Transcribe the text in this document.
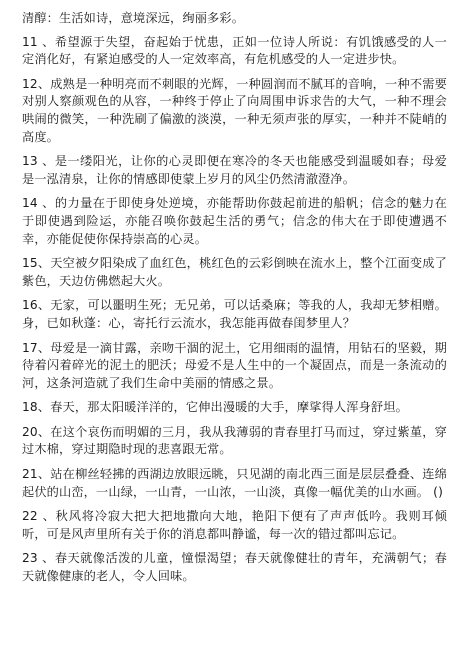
清醇：生活如诗，意境深远，绚丽多彩。

11 、希望源于失望，奋起始于忧患，正如一位诗人所说：有饥饿感受的人一定消化好，有紧迫感受的人一定效率高，有危机感受的人一定进步快。

12、成熟是一种明亮而不刺眼的光辉，一种圆润而不腻耳的音响，一种不需要对别人察颜观色的从容，一种终于停止了向周围申诉求告的大气，一种不理会哄闹的微笑，一种洗刷了偏激的淡漠，一种无须声张的厚实，一种并不陡峭的高度。

13 、是一缕阳光，让你的心灵即便在寒冷的冬天也能感受到温暖如春；母爱是一泓清泉，让你的情感即使蒙上岁月的风尘仍然清澈澄净。

14 、的力量在于即使身处逆境，亦能帮助你鼓起前进的船帆；信念的魅力在于即使遇到险运，亦能召唤你鼓起生活的勇气；信念的伟大在于即使遭遇不幸，亦能促使你保持崇高的心灵。

15、天空被夕阳染成了血红色，桃红色的云彩倒映在流水上，整个江面变成了紫色，天边仿佛燃起大火。

16、无家，可以噩明生死；无兄弟，可以话桑麻；等我的人，我却无梦相赠。身，已如秋蓬：心，寄托行云流水，我怎能再做春闺梦里人？

17、母爱是一滴甘露，亲吻干涸的泥土，它用细雨的温情，用钻石的坚毅，期待着闪着碎光的泥土的肥沃；母爱不是人生中的一个凝固点，而是一条流动的河，这条河造就了我们生命中美丽的情感之景。

18、春天，那太阳暖洋洋的，它伸出漫暖的大手，摩挲得人浑身舒坦。

20、在这个哀伤而明媚的三月，我从我薄弱的青春里打马而过，穿过紫堇，穿过木棉，穿过期隐时现的悲喜跟无常。

21、站在柳丝轻拂的西湖边放眼远眺，只见湖的南北西三面是层层叠叠、连绵起伏的山峦，一山绿，一山青，一山浓，一山淡，真像一幅优美的山水画。 ()

22 、秋风将冷寂大把大把地撒向大地，艳阳下便有了声声低吟。我则耳倾听，可是风声里所有关于你的消息都叫静谧，每一次的错过都叫忘记。

23 、春天就像活泼的儿童，憧憬渴望；春天就像健壮的青年，充满朝气；春天就像健康的老人，令人回味。
